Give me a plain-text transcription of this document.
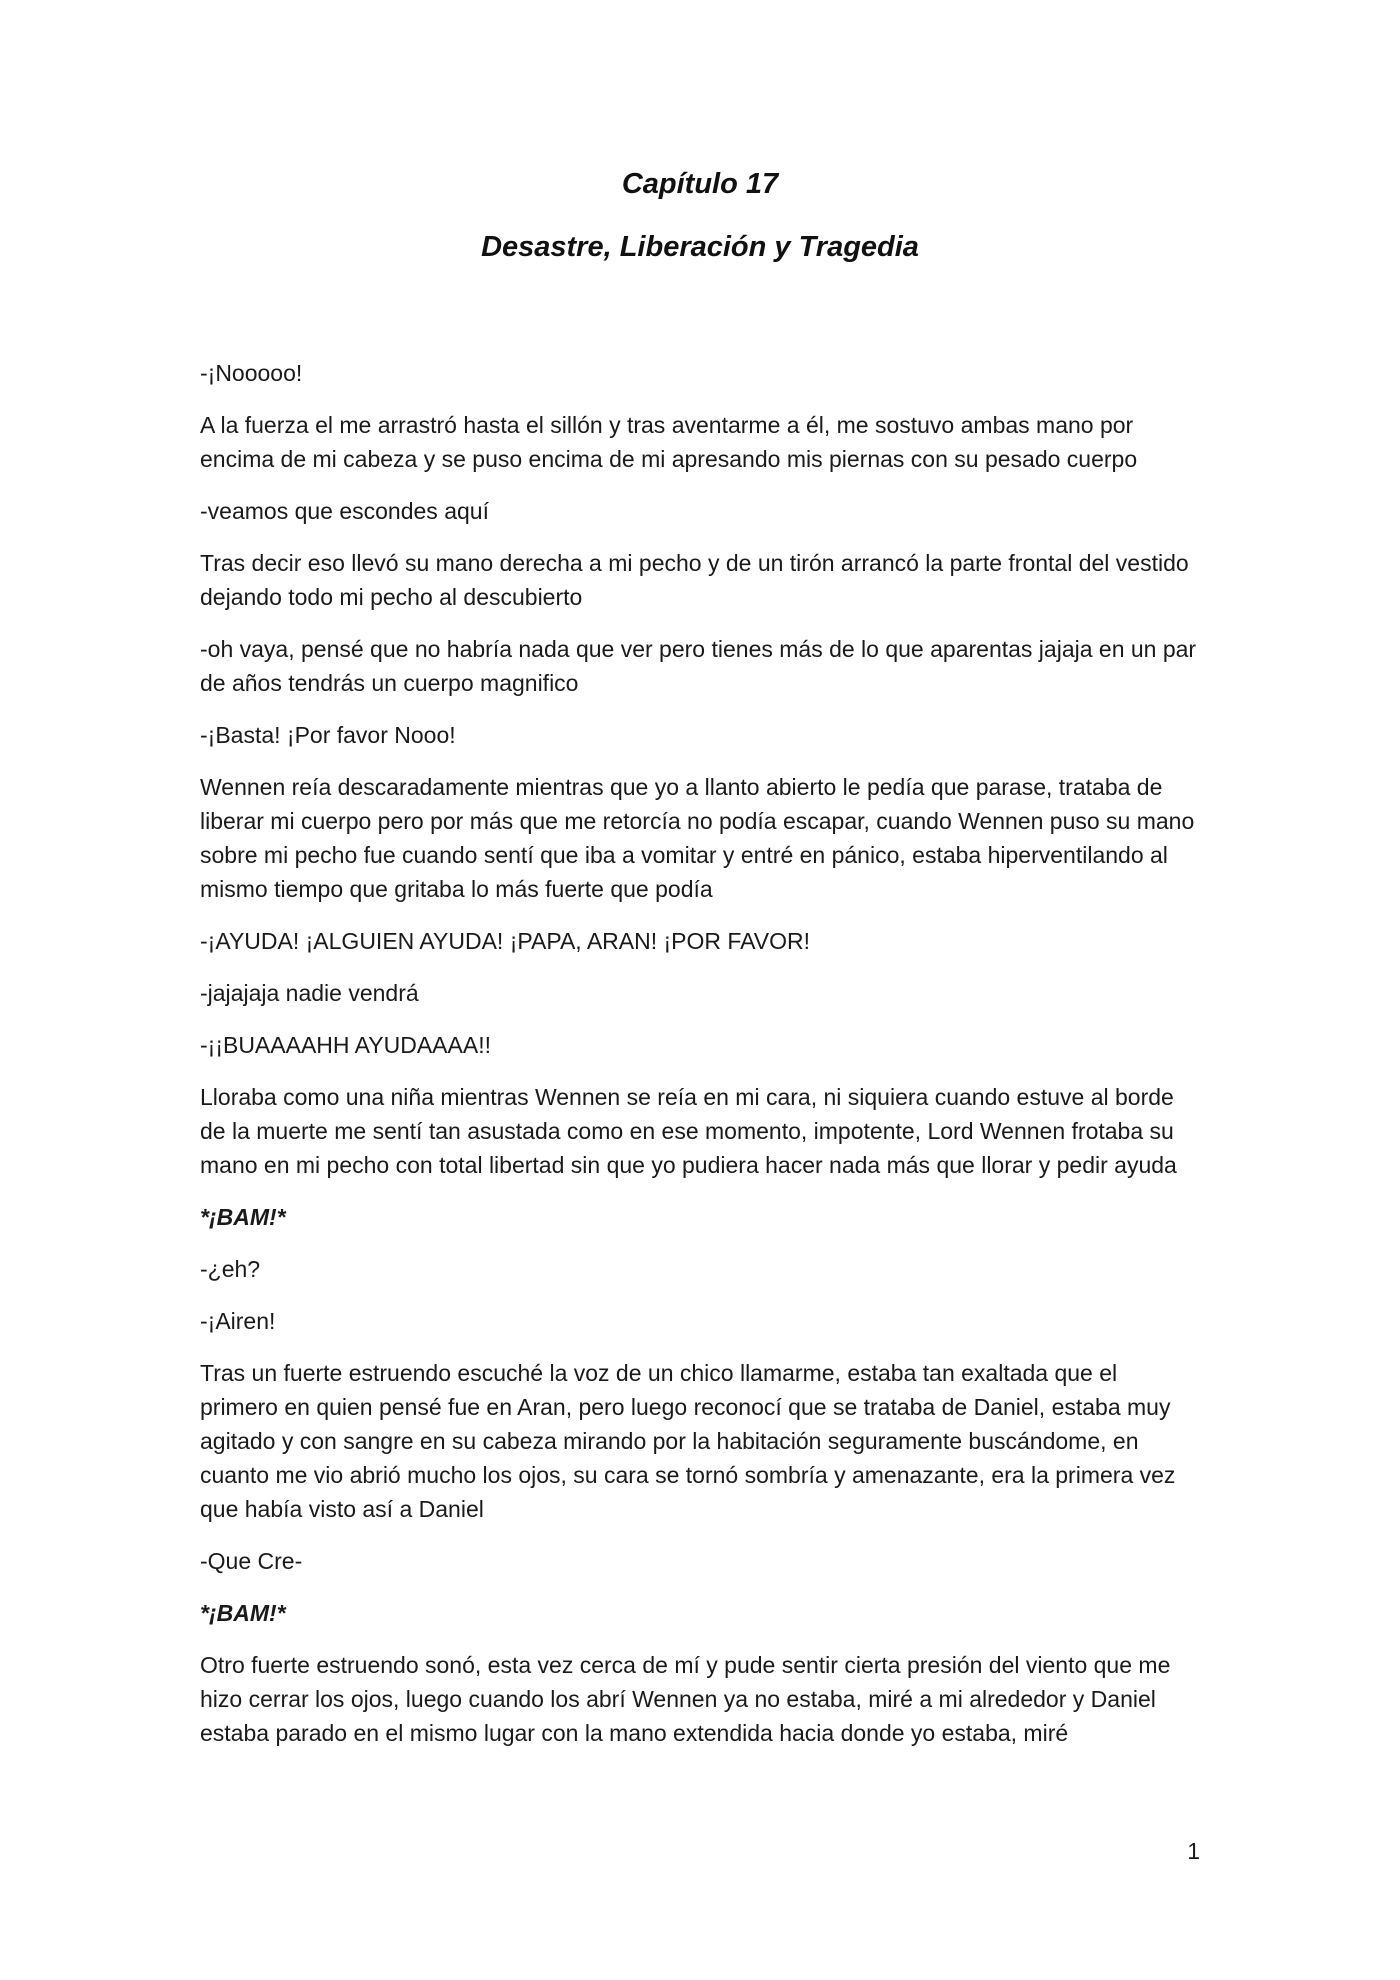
Capítulo 17
Desastre, Liberación y Tragedia

-¡Nooooo!

A la fuerza el me arrastró hasta el sillón y tras aventarme a él, me sostuvo ambas mano por encima de mi cabeza y se puso encima de mi apresando mis piernas con su pesado cuerpo

-veamos que escondes aquí

Tras decir eso llevó su mano derecha a mi pecho y de un tirón arrancó la parte frontal del vestido dejando todo mi pecho al descubierto

-oh vaya, pensé que no habría nada que ver pero tienes más de lo que aparentas jajaja en un par de años tendrás un cuerpo magnifico

-¡Basta! ¡Por favor Nooo!

Wennen reía descaradamente mientras que yo a llanto abierto le pedía que parase, trataba de liberar mi cuerpo pero por más que me retorcía no podía escapar, cuando Wennen puso su mano sobre mi pecho fue cuando sentí que iba a vomitar y entré en pánico, estaba hiperventilando al mismo tiempo que gritaba lo más fuerte que podía

-¡AYUDA! ¡ALGUIEN AYUDA! ¡PAPA, ARAN! ¡POR FAVOR!

-jajajaja nadie vendrá

-¡¡BUAAAAHH AYUDAAAA!!

Lloraba como una niña mientras Wennen se reía en mi cara, ni siquiera cuando estuve al borde de la muerte me sentí tan asustada como en ese momento, impotente, Lord Wennen frotaba su mano en mi pecho con total libertad sin que yo pudiera hacer nada más que llorar y pedir ayuda

*¡BAM!*

-¿eh?

-¡Airen!

Tras un fuerte estruendo escuché la voz de un chico llamarme, estaba tan exaltada que el primero en quien pensé fue en Aran, pero luego reconocí que se trataba de Daniel, estaba muy agitado y con sangre en su cabeza mirando por la habitación seguramente buscándome, en cuanto me vio abrió mucho los ojos, su cara se tornó sombría y amenazante, era la primera vez que había visto así a Daniel

-Que Cre-

*¡BAM!*

Otro fuerte estruendo sonó, esta vez cerca de mí y pude sentir cierta presión del viento que me hizo cerrar los ojos, luego cuando los abrí Wennen ya no estaba, miré a mi alrededor y Daniel estaba parado en el mismo lugar con la mano extendida hacia donde yo estaba, miré

1
